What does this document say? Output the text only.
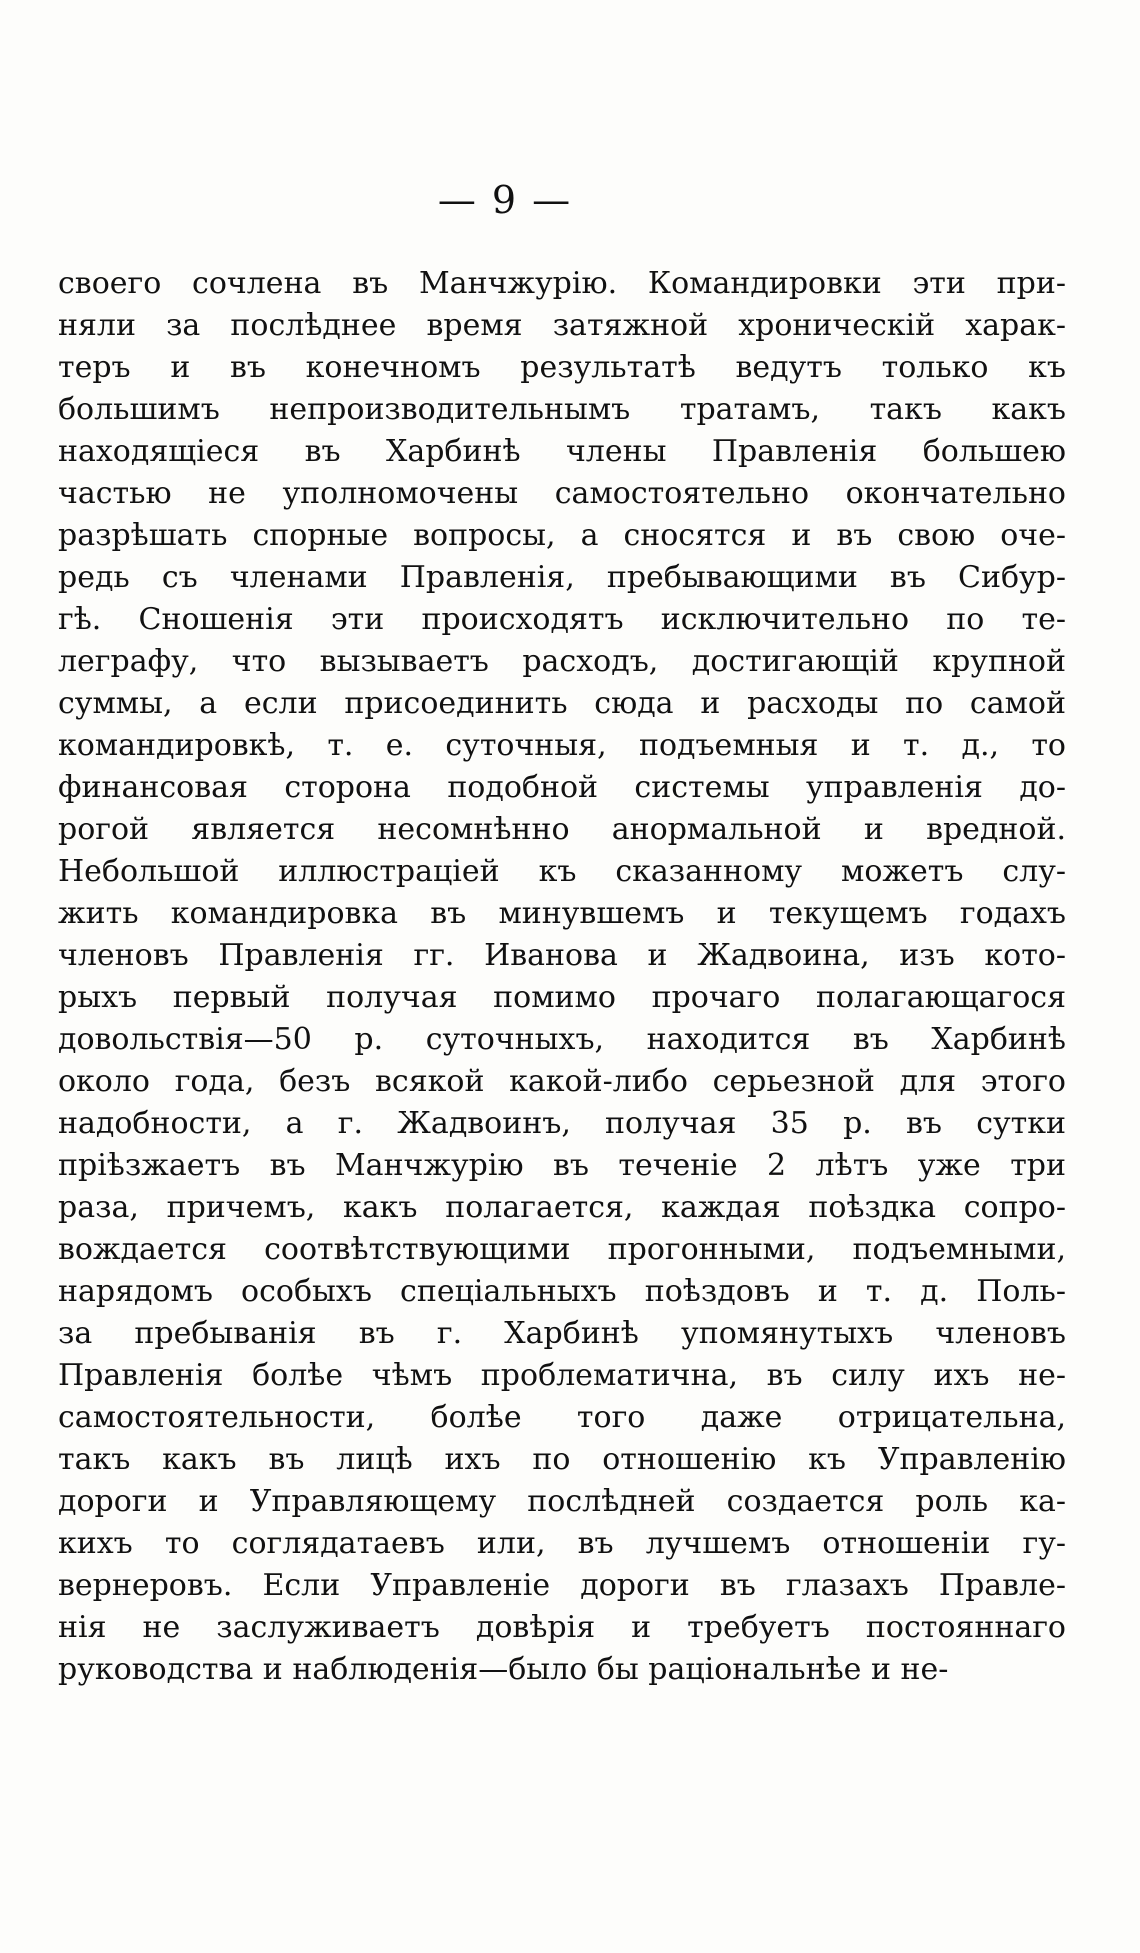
— 9 —
своего сочлена въ Манчжурію. Командировки эти при-
няли за послѣднее время затяжной хроническій харак-
теръ и въ конечномъ результатѣ ведутъ только къ
большимъ непроизводительнымъ тратамъ, такъ какъ
находящіеся въ Харбинѣ члены Правленія большею
частью не уполномочены самостоятельно окончательно
разрѣшать спорные вопросы, а сносятся и въ свою оче-
редь съ членами Правленія, пребывающими въ Сибур-
гѣ. Сношенія эти происходятъ исключительно по те-
леграфу, что вызываетъ расходъ, достигающій крупной
суммы, а если присоединить сюда и расходы по самой
командировкѣ, т. е. суточныя, подъемныя и т. д., то
финансовая сторона подобной системы управленія до-
рогой является несомнѣнно анормальной и вредной.
Небольшой иллюстраціей къ сказанному можетъ слу-
жить командировка въ минувшемъ и текущемъ годахъ
членовъ Правленія гг. Иванова и Жадвоина, изъ кото-
рыхъ первый получая помимо прочаго полагающагося
довольствія—50 р. суточныхъ, находится въ Харбинѣ
около года, безъ всякой какой-либо серьезной для этого
надобности, а г. Жадвоинъ, получая 35 р. въ сутки
пріѣзжаетъ въ Манчжурію въ теченіе 2 лѣтъ уже три
раза, причемъ, какъ полагается, каждая поѣздка сопро-
вождается соотвѣтствующими прогонными, подъемными,
нарядомъ особыхъ спеціальныхъ поѣздовъ и т. д. Поль-
за пребыванія въ г. Харбинѣ упомянутыхъ членовъ
Правленія болѣе чѣмъ проблематична, въ силу ихъ не-
самостоятельности, болѣе того даже отрицательна,
такъ какъ въ лицѣ ихъ по отношенію къ Управленію
дороги и Управляющему послѣдней создается роль ка-
кихъ то соглядатаевъ или, въ лучшемъ отношеніи гу-
вернеровъ. Если Управленіе дороги въ глазахъ Правле-
нія не заслуживаетъ довѣрія и требуетъ постояннаго
руководства и наблюденія—было бы раціональнѣе и не-
